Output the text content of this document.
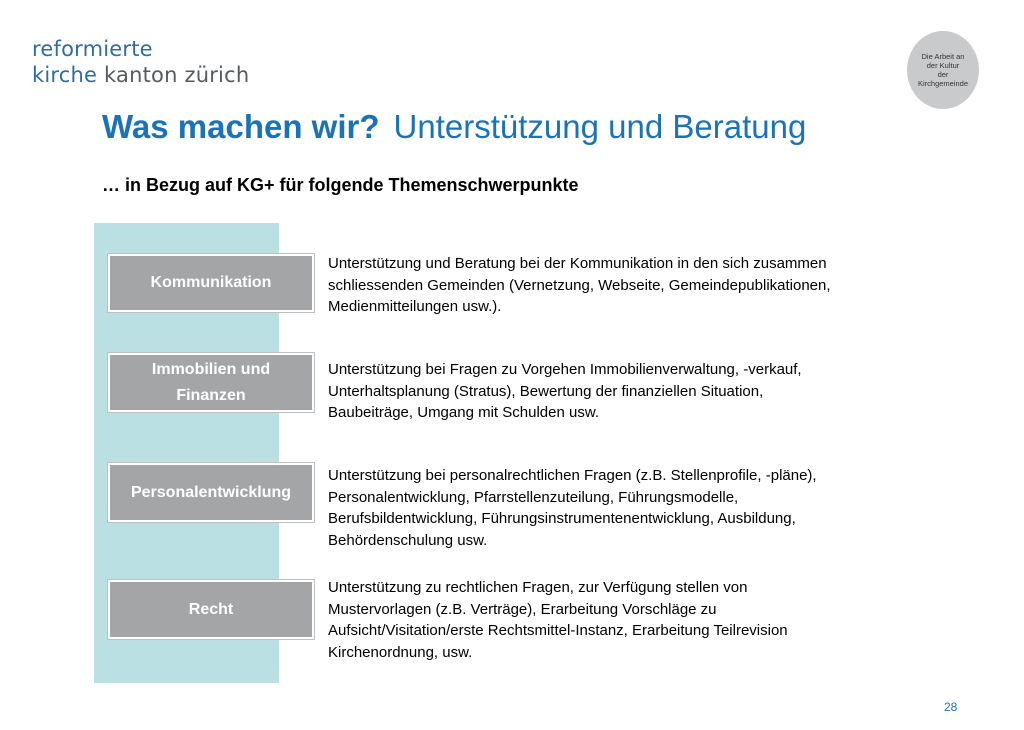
reformierte
kirche kanton zürich
Die Arbeit an
der Kultur
der
Kirchgemeinde
Was machen wir? Unterstützung und Beratung
… in Bezug auf KG+ für folgende Themenschwerpunkte
Kommunikation
Unterstützung und Beratung bei der Kommunikation in den sich zusammen
schliessenden Gemeinden (Vernetzung, Webseite, Gemeindepublikationen,
Medienmitteilungen usw.).
Immobilien und
Finanzen
Unterstützung bei Fragen zu Vorgehen Immobilienverwaltung, -verkauf,
Unterhaltsplanung (Stratus), Bewertung der finanziellen Situation,
Baubeiträge, Umgang mit Schulden usw.
Personalentwicklung
Unterstützung bei personalrechtlichen Fragen (z.B. Stellenprofile, -pläne),
Personalentwicklung, Pfarrstellenzuteilung, Führungsmodelle,
Berufsbildentwicklung, Führungsinstrumentenentwicklung, Ausbildung,
Behördenschulung usw.
Recht
Unterstützung zu rechtlichen Fragen, zur Verfügung stellen von
Mustervorlagen (z.B. Verträge), Erarbeitung Vorschläge zu
Aufsicht/Visitation/erste Rechtsmittel-Instanz, Erarbeitung Teilrevision
Kirchenordnung, usw.
28
